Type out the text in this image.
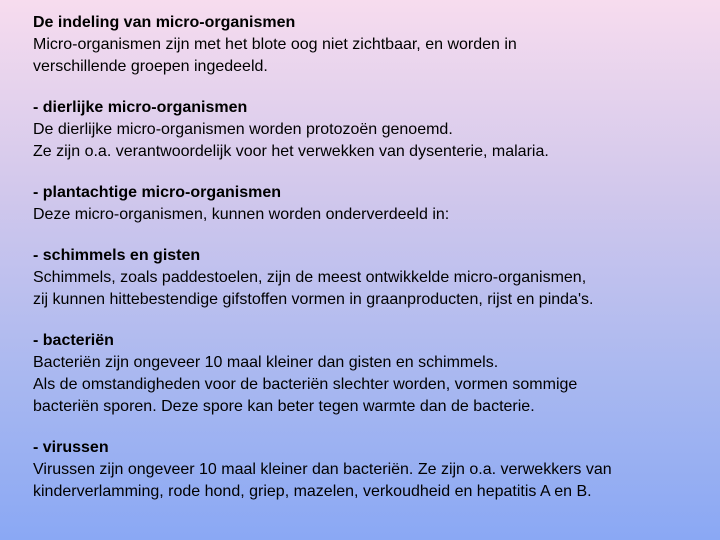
De indeling van micro‑organismen
Micro‑organismen zijn met het blote oog niet zichtbaar, en worden in
verschillende groepen ingedeeld.
‑ dierlijke micro‑organismen
De dierlijke micro‑organismen worden protozoën genoemd.
Ze zijn o.a. verantwoordelijk voor het verwekken van dysenterie, malaria.
‑ plantachtige micro‑organismen
Deze micro‑organismen, kunnen worden onderverdeeld in:
‑ schimmels en gisten
Schimmels, zoals paddestoelen, zijn de meest ontwikkelde micro‑organismen,
zij kunnen hittebestendige gifstoffen vormen in graanproducten, rijst en pinda's.
- bacteriën
Bacteriën zijn ongeveer 10 maal kleiner dan gisten en schimmels.
Als de omstandigheden voor de bacteriën slechter worden, vormen sommige
bacteriën sporen. Deze spore kan beter tegen warmte dan de bacterie.
‑ virussen
Virussen zijn ongeveer 10 maal kleiner dan bacteriën. Ze zijn o.a. verwekkers van
kinderverlamming, rode hond, griep, mazelen, verkoudheid en hepatitis A en B.
